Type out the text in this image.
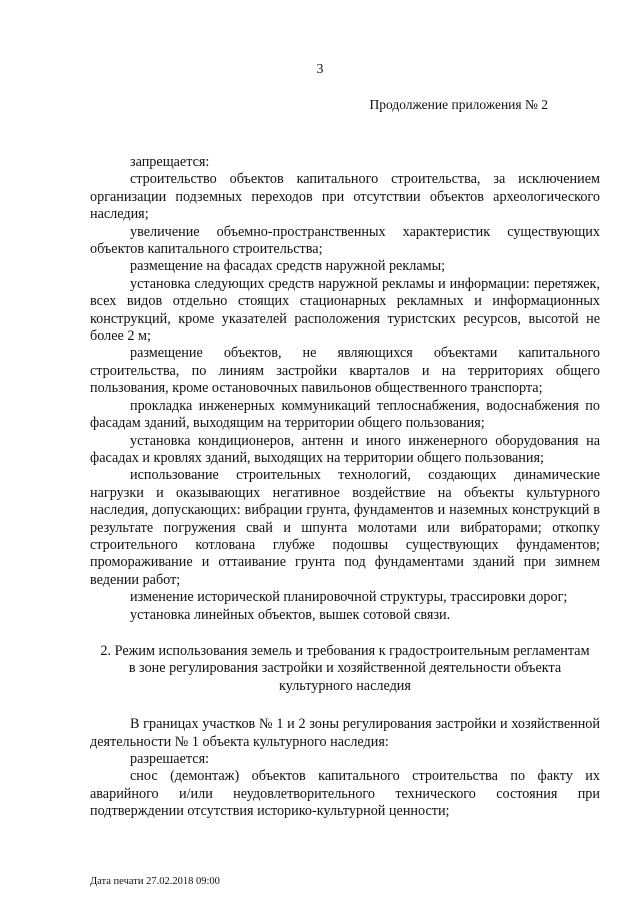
3
Продолжение приложения № 2

запрещается:

строительство объектов капитального строительства, за исключением организации подземных переходов при отсутствии объектов археологического наследия;

увеличение объемно-пространственных характеристик существующих объектов капитального строительства;

размещение на фасадах средств наружной рекламы;

установка следующих средств наружной рекламы и информации: перетяжек, всех видов отдельно стоящих стационарных рекламных и информационных конструкций, кроме указателей расположения туристских ресурсов, высотой не более 2 м;

размещение объектов, не являющихся объектами капитального строительства, по линиям застройки кварталов и на территориях общего пользования, кроме остановочных павильонов общественного транспорта;

прокладка инженерных коммуникаций теплоснабжения, водоснабжения по фасадам зданий, выходящим на территории общего пользования;

установка кондиционеров, антенн и иного инженерного оборудования на фасадах и кровлях зданий, выходящих на территории общего пользования;

использование строительных технологий, создающих динамические нагрузки и оказывающих негативное воздействие на объекты культурного наследия, допускающих: вибрации грунта, фундаментов и наземных конструкций в результате погружения свай и шпунта молотами или вибраторами; откопку строительного котлована глубже подошвы существующих фундаментов; промораживание и оттаивание грунта под фундаментами зданий при зимнем ведении работ;

изменение исторической планировочной структуры, трассировки дорог;

установка линейных объектов, вышек сотовой связи.

2. Режим использования земель и требования к градостроительным регламентам в зоне регулирования застройки и хозяйственной деятельности объекта культурного наследия

В границах участков № 1 и 2 зоны регулирования застройки и хозяйственной деятельности № 1 объекта культурного наследия:

разрешается:

снос (демонтаж) объектов капитального строительства по факту их аварийного и/или неудовлетворительного технического состояния при подтверждении отсутствия историко-культурной ценности;

Дата печати 27.02.2018 09:00
